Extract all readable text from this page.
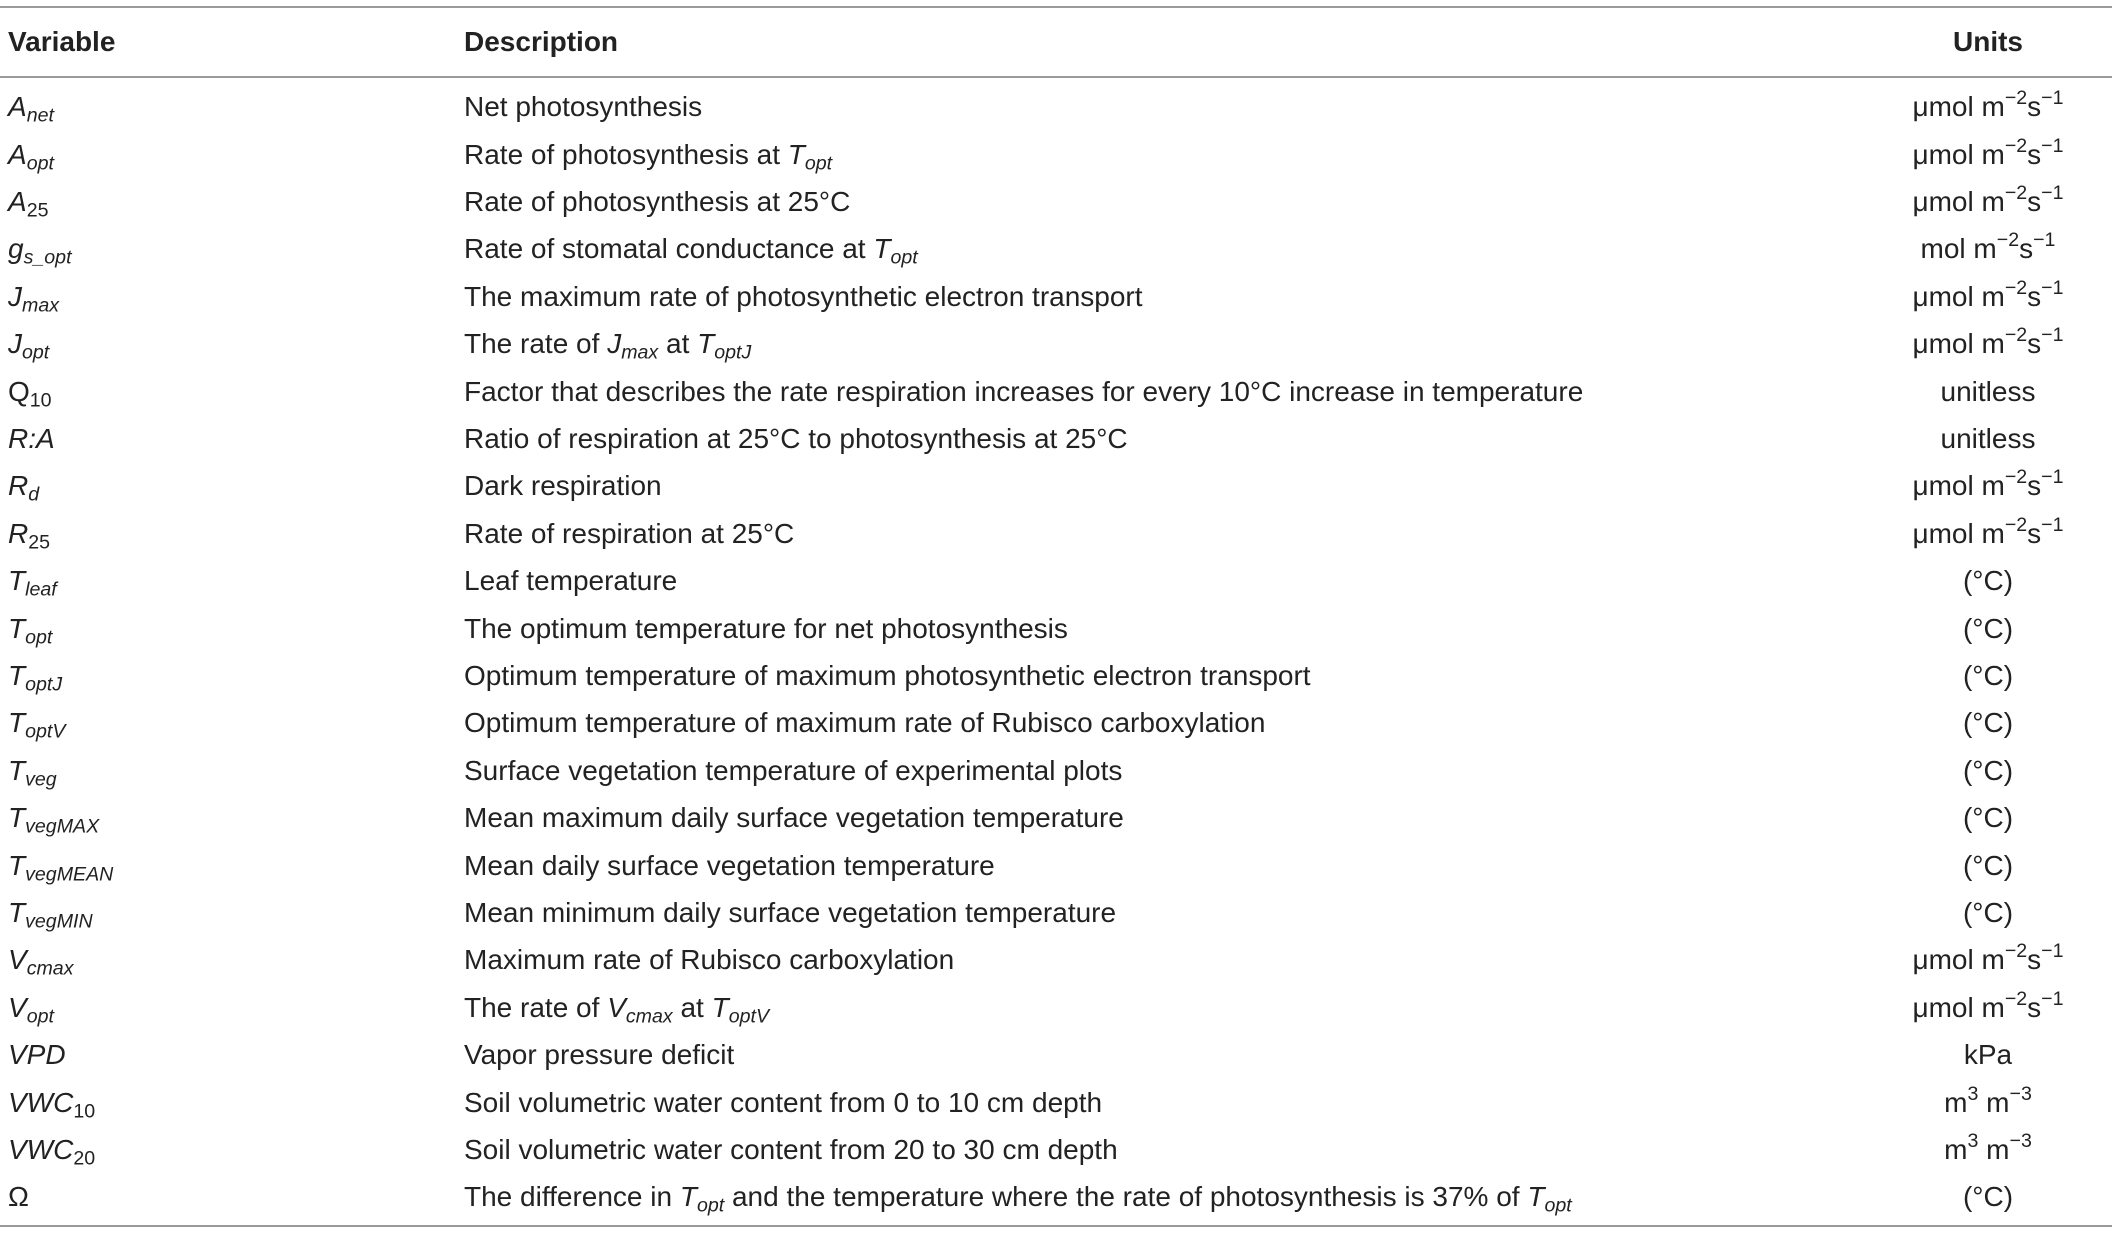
Variable	Description	Units
$A_{net}$	Net photosynthesis	μmol $m^{-2}s^{-1}$
$A_{opt}$	Rate of photosynthesis at $T_{opt}$	μmol $m^{-2}s^{-1}$
$A_{25}$	Rate of photosynthesis at 25°C	μmol $m^{-2}s^{-1}$
$g_{s\_opt}$	Rate of stomatal conductance at $T_{opt}$	mol $m^{-2}s^{-1}$
$J_{max}$	The maximum rate of photosynthetic electron transport	μmol $m^{-2}s^{-1}$
$J_{opt}$	The rate of $J_{max}$ at $T_{optJ}$	μmol $m^{-2}s^{-1}$
$Q_{10}$	Factor that describes the rate respiration increases for every 10°C increase in temperature	unitless
R:A	Ratio of respiration at 25°C to photosynthesis at 25°C	unitless
$R_d$	Dark respiration	μmol $m^{-2}s^{-1}$
$R_{25}$	Rate of respiration at 25°C	μmol $m^{-2}s^{-1}$
$T_{leaf}$	Leaf temperature	(°C)
$T_{opt}$	The optimum temperature for net photosynthesis	(°C)
$T_{optJ}$	Optimum temperature of maximum photosynthetic electron transport	(°C)
$T_{optV}$	Optimum temperature of maximum rate of Rubisco carboxylation	(°C)
$T_{veg}$	Surface vegetation temperature of experimental plots	(°C)
$T_{vegMAX}$	Mean maximum daily surface vegetation temperature	(°C)
$T_{vegMEAN}$	Mean daily surface vegetation temperature	(°C)
$T_{vegMIN}$	Mean minimum daily surface vegetation temperature	(°C)
$V_{cmax}$	Maximum rate of Rubisco carboxylation	μmol $m^{-2}s^{-1}$
$V_{opt}$	The rate of $V_{cmax}$ at $T_{optV}$	μmol $m^{-2}s^{-1}$
VPD	Vapor pressure deficit	kPa
$VWC_{10}$	Soil volumetric water content from 0 to 10 cm depth	$m^3$ $m^{-3}$
$VWC_{20}$	Soil volumetric water content from 20 to 30 cm depth	$m^3$ $m^{-3}$
Ω	The difference in $T_{opt}$ and the temperature where the rate of photosynthesis is 37% of $T_{opt}$	(°C)
